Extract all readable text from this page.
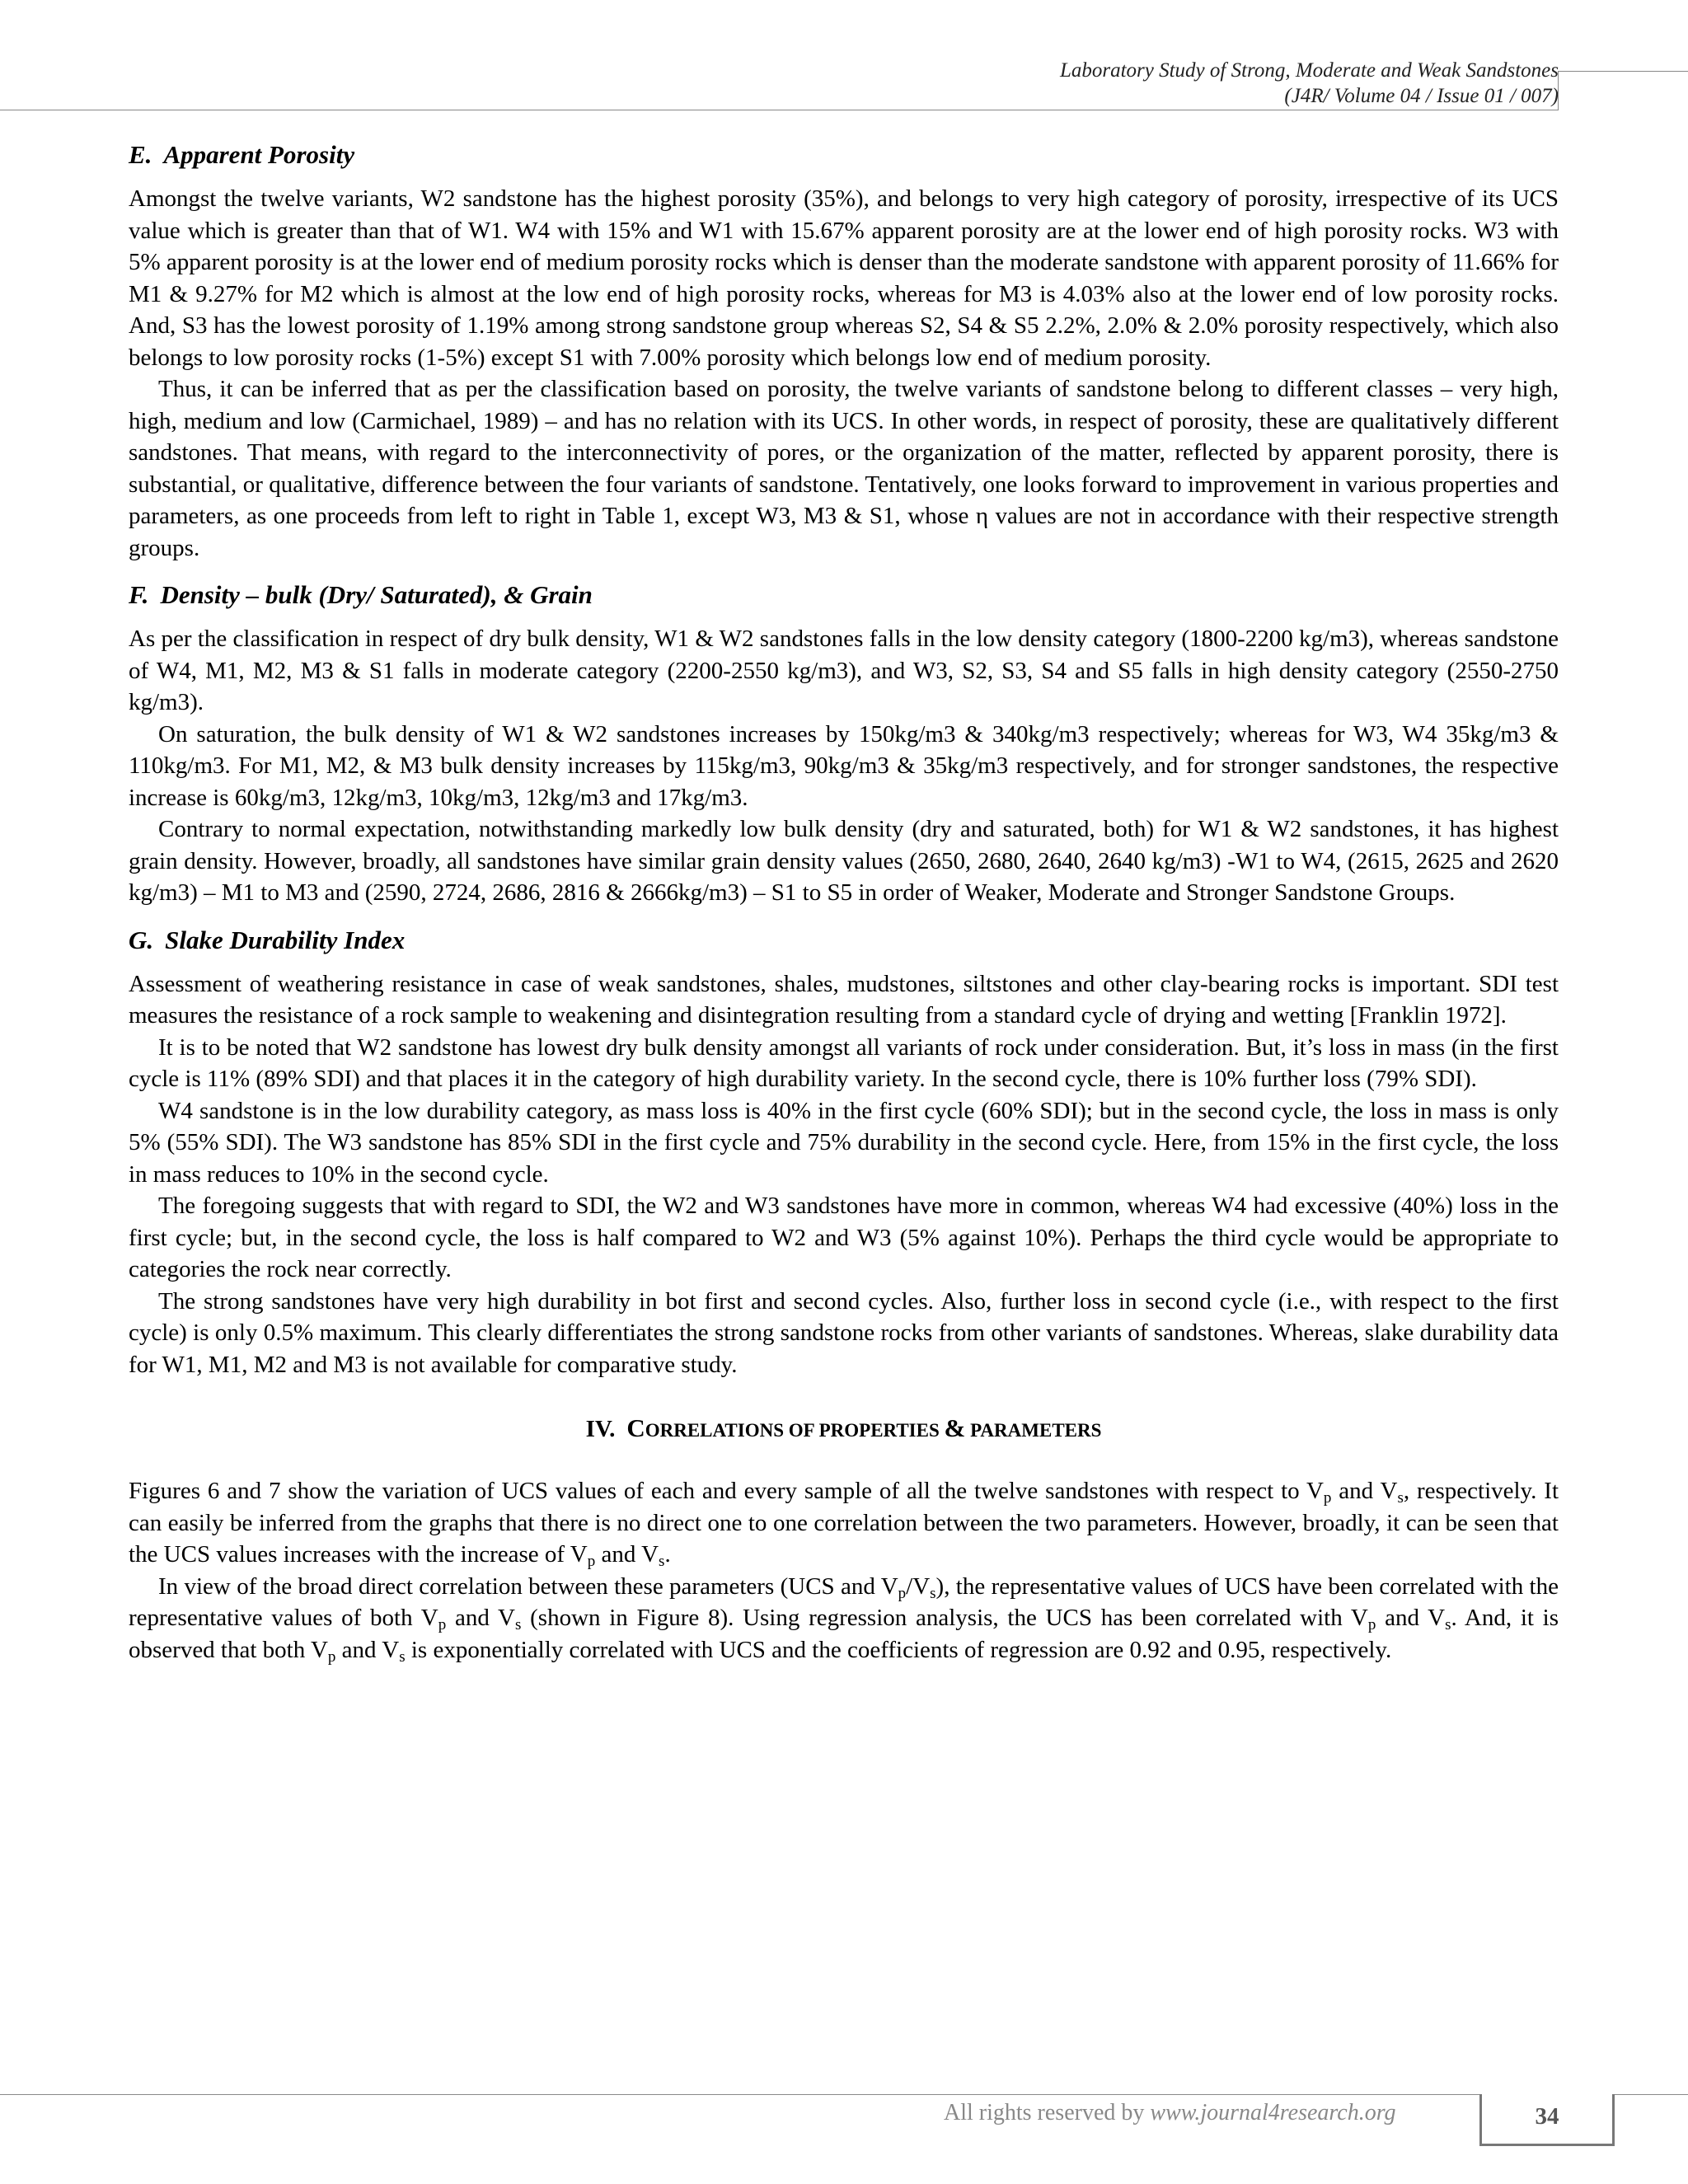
Laboratory Study of Strong, Moderate and Weak Sandstones
(J4R/ Volume 04 / Issue 01 / 007)
E. Apparent Porosity

Amongst the twelve variants, W2 sandstone has the highest porosity (35%), and belongs to very high category of porosity, irrespective of its UCS value which is greater than that of W1. W4 with 15% and W1 with 15.67% apparent porosity are at the lower end of high porosity rocks. W3 with 5% apparent porosity is at the lower end of medium porosity rocks which is denser than the moderate sandstone with apparent porosity of 11.66% for M1 & 9.27% for M2 which is almost at the low end of high porosity rocks, whereas for M3 is 4.03% also at the lower end of low porosity rocks. And, S3 has the lowest porosity of 1.19% among strong sandstone group whereas S2, S4 & S5 2.2%, 2.0% & 2.0% porosity respectively, which also belongs to low porosity rocks (1-5%) except S1 with 7.00% porosity which belongs low end of medium porosity.

Thus, it can be inferred that as per the classification based on porosity, the twelve variants of sandstone belong to different classes – very high, high, medium and low (Carmichael, 1989) – and has no relation with its UCS. In other words, in respect of porosity, these are qualitatively different sandstones. That means, with regard to the interconnectivity of pores, or the organization of the matter, reflected by apparent porosity, there is substantial, or qualitative, difference between the four variants of sandstone. Tentatively, one looks forward to improvement in various properties and parameters, as one proceeds from left to right in Table 1, except W3, M3 & S1, whose η values are not in accordance with their respective strength groups.

F. Density – bulk (Dry/ Saturated), & Grain

As per the classification in respect of dry bulk density, W1 & W2 sandstones falls in the low density category (1800-2200 kg/m3), whereas sandstone of W4, M1, M2, M3 & S1 falls in moderate category (2200-2550 kg/m3), and W3, S2, S3, S4 and S5 falls in high density category (2550-2750 kg/m3).

On saturation, the bulk density of W1 & W2 sandstones increases by 150kg/m3 & 340kg/m3 respectively; whereas for W3, W4 35kg/m3 & 110kg/m3. For M1, M2, & M3 bulk density increases by 115kg/m3, 90kg/m3 & 35kg/m3 respectively, and for stronger sandstones, the respective increase is 60kg/m3, 12kg/m3, 10kg/m3, 12kg/m3 and 17kg/m3.

Contrary to normal expectation, notwithstanding markedly low bulk density (dry and saturated, both) for W1 & W2 sandstones, it has highest grain density. However, broadly, all sandstones have similar grain density values (2650, 2680, 2640, 2640 kg/m3) -W1 to W4, (2615, 2625 and 2620 kg/m3) – M1 to M3 and (2590, 2724, 2686, 2816 & 2666kg/m3) – S1 to S5 in order of Weaker, Moderate and Stronger Sandstone Groups.

G. Slake Durability Index

Assessment of weathering resistance in case of weak sandstones, shales, mudstones, siltstones and other clay-bearing rocks is important. SDI test measures the resistance of a rock sample to weakening and disintegration resulting from a standard cycle of drying and wetting [Franklin 1972].

It is to be noted that W2 sandstone has lowest dry bulk density amongst all variants of rock under consideration. But, it’s loss in mass (in the first cycle is 11% (89% SDI) and that places it in the category of high durability variety. In the second cycle, there is 10% further loss (79% SDI).

W4 sandstone is in the low durability category, as mass loss is 40% in the first cycle (60% SDI); but in the second cycle, the loss in mass is only 5% (55% SDI). The W3 sandstone has 85% SDI in the first cycle and 75% durability in the second cycle. Here, from 15% in the first cycle, the loss in mass reduces to 10% in the second cycle.

The foregoing suggests that with regard to SDI, the W2 and W3 sandstones have more in common, whereas W4 had excessive (40%) loss in the first cycle; but, in the second cycle, the loss is half compared to W2 and W3 (5% against 10%). Perhaps the third cycle would be appropriate to categories the rock near correctly.

The strong sandstones have very high durability in bot first and second cycles. Also, further loss in second cycle (i.e., with respect to the first cycle) is only 0.5% maximum. This clearly differentiates the strong sandstone rocks from other variants of sandstones. Whereas, slake durability data for W1, M1, M2 and M3 is not available for comparative study.

IV. CORRELATIONS OF PROPERTIES & PARAMETERS

Figures 6 and 7 show the variation of UCS values of each and every sample of all the twelve sandstones with respect to $V_p$ and $V_s$, respectively. It can easily be inferred from the graphs that there is no direct one to one correlation between the two parameters. However, broadly, it can be seen that the UCS values increases with the increase of $V_p$ and $V_s$.

In view of the broad direct correlation between these parameters (UCS and $V_p/V_s$), the representative values of UCS have been correlated with the representative values of both $V_p$ and $V_s$ (shown in Figure 8). Using regression analysis, the UCS has been correlated with $V_p$ and $V_s$. And, it is observed that both $V_p$ and $V_s$ is exponentially correlated with UCS and the coefficients of regression are 0.92 and 0.95, respectively.

All rights reserved by www.journal4research.org	34
